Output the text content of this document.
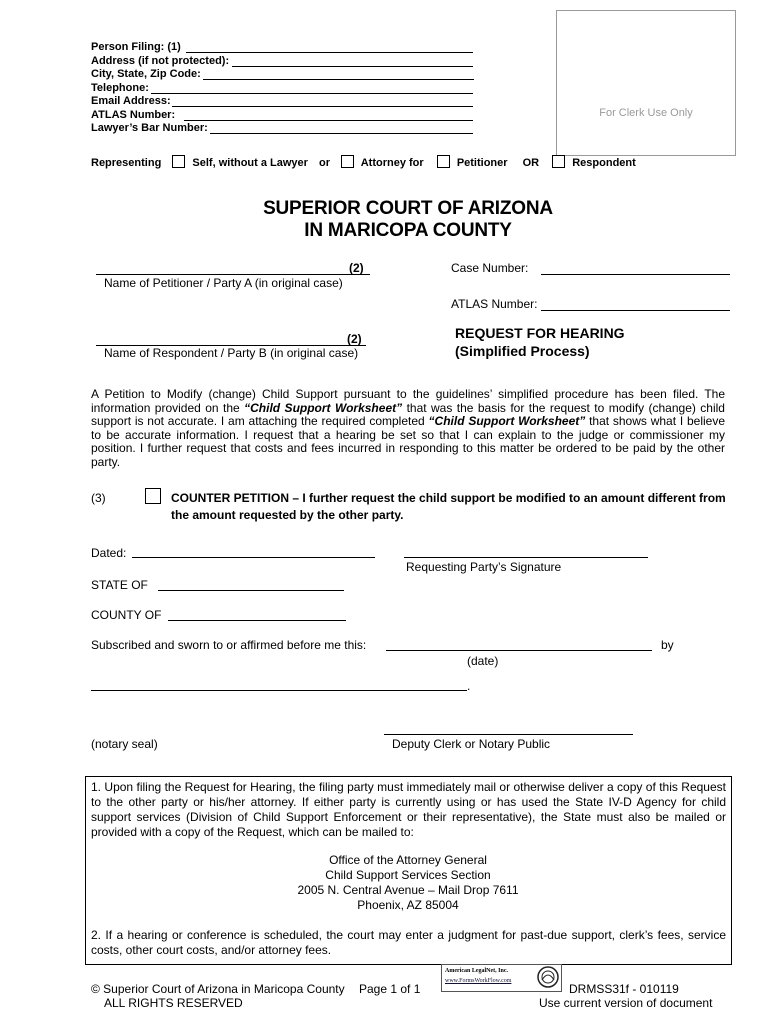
Person Filing: (1)
Address (if not protected):
City, State, Zip Code:
Telephone:
Email Address:
ATLAS Number:
Lawyer’s Bar Number:
For Clerk Use Only
Representing	Self, without a Lawyer or	Attorney for	Petitioner OR	Respondent
SUPERIOR COURT OF ARIZONA
IN MARICOPA COUNTY
(2)
Name of Petitioner / Party A (in original case)
Case Number:
ATLAS Number:
(2)
Name of Respondent / Party B (in original case)
REQUEST FOR HEARING
(Simplified Process)
A Petition to Modify (change) Child Support pursuant to the guidelines’ simplified procedure has been filed. The information provided on the “Child Support Worksheet” that was the basis for the request to modify (change) child support is not accurate. I am attaching the required completed “Child Support Worksheet” that shows what I believe to be accurate information. I request that a hearing be set so that I can explain to the judge or commissioner my position. I further request that costs and fees incurred in responding to this matter be ordered to be paid by the other party.
(3)	COUNTER PETITION – I further request the child support be modified to an amount different from the amount requested by the other party.
Dated:
Requesting Party’s Signature
STATE OF
COUNTY OF
Subscribed and sworn to or affirmed before me this:	by
(date)
.
(notary seal)	Deputy Clerk or Notary Public
1. Upon filing the Request for Hearing, the filing party must immediately mail or otherwise deliver a copy of this Request to the other party or his/her attorney. If either party is currently using or has used the State IV-D Agency for child support services (Division of Child Support Enforcement or their representative), the State must also be mailed or provided with a copy of the Request, which can be mailed to:
Office of the Attorney General
Child Support Services Section
2005 N. Central Avenue – Mail Drop 7611
Phoenix, AZ 85004
2. If a hearing or conference is scheduled, the court may enter a judgment for past-due support, clerk’s fees, service costs, other court costs, and/or attorney fees.
© Superior Court of Arizona in Maricopa County
ALL RIGHTS RESERVED
Page 1 of 1
American LegalNet, Inc.
www.FormsWorkFlow.com
DRMSS31f - 010119
Use current version of document
